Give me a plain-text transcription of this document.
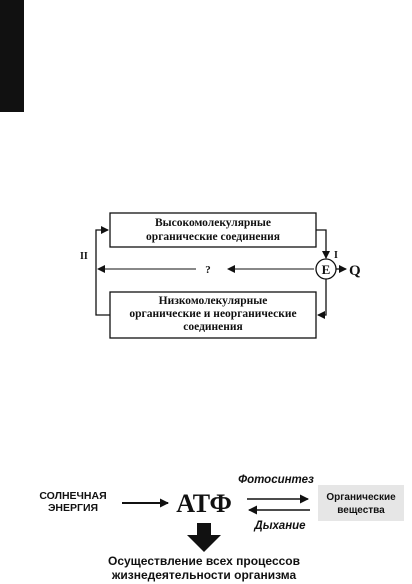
Высокомолекулярные
органические соединения
Низкомолекулярные
органические и неорганические
соединения
E Q
I
?
II
СОЛНЕЧНАЯ
ЭНЕРГИЯ	АТФ
Фотосинтез
Дыхание
Органические
вещества
Осуществление всех процессов
жизнедеятельности организма
